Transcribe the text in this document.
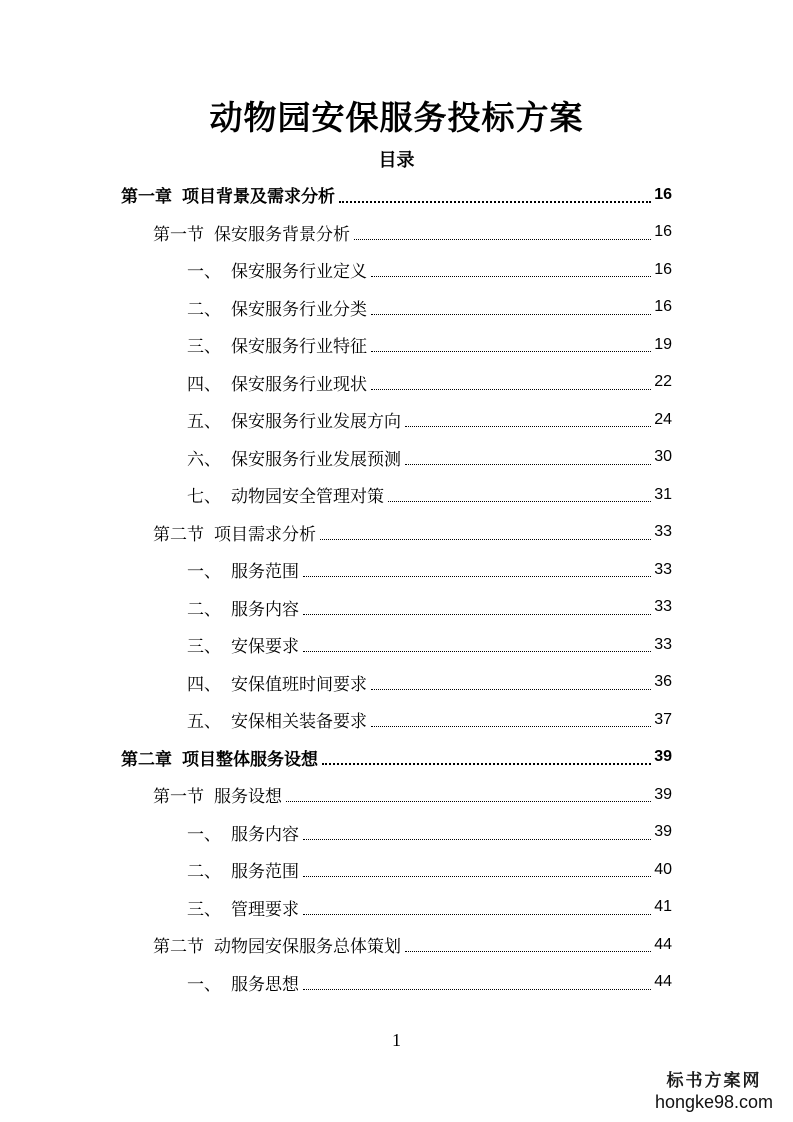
动物园安保服务投标方案
目录
第一章 项目背景及需求分析	16
第一节 保安服务背景分析	16
一、 保安服务行业定义	16
二、 保安服务行业分类	16
三、 保安服务行业特征	19
四、 保安服务行业现状	22
五、 保安服务行业发展方向	24
六、 保安服务行业发展预测	30
七、 动物园安全管理对策	31
第二节 项目需求分析	33
一、 服务范围	33
二、 服务内容	33
三、 安保要求	33
四、 安保值班时间要求	36
五、 安保相关装备要求	37
第二章 项目整体服务设想	39
第一节 服务设想	39
一、 服务内容	39
二、 服务范围	40
三、 管理要求	41
第二节 动物园安保服务总体策划	44
一、 服务思想	44
1
标书方案网
hongke98.com
